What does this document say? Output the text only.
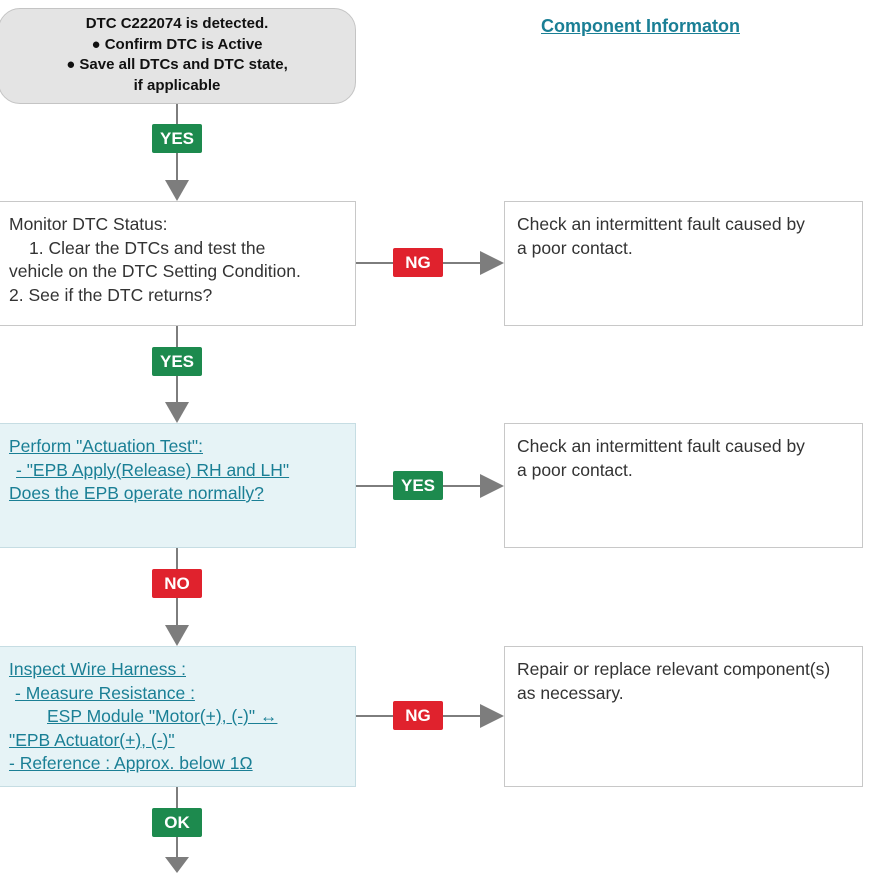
Component Informaton
DTC C222074 is detected.
● Confirm DTC is Active
● Save all DTCs and DTC state,
if applicable
YES
Monitor DTC Status:
1. Clear the DTCs and test the
vehicle on the DTC Setting Condition.
2. See if the DTC returns?
NG
Check an intermittent fault caused by
a poor contact.
YES
Perform "Actuation Test":
- "EPB Apply(Release) RH and LH"
Does the EPB operate normally?	YES
Check an intermittent fault caused by
a poor contact.
NO
Inspect Wire Harness :
- Measure Resistance :
ESP Module "Motor(+), (-)" ↔
"EPB Actuator(+), (-)"
- Reference : Approx. below 1Ω
NG
Repair or replace relevant component(s)
as necessary.
OK
